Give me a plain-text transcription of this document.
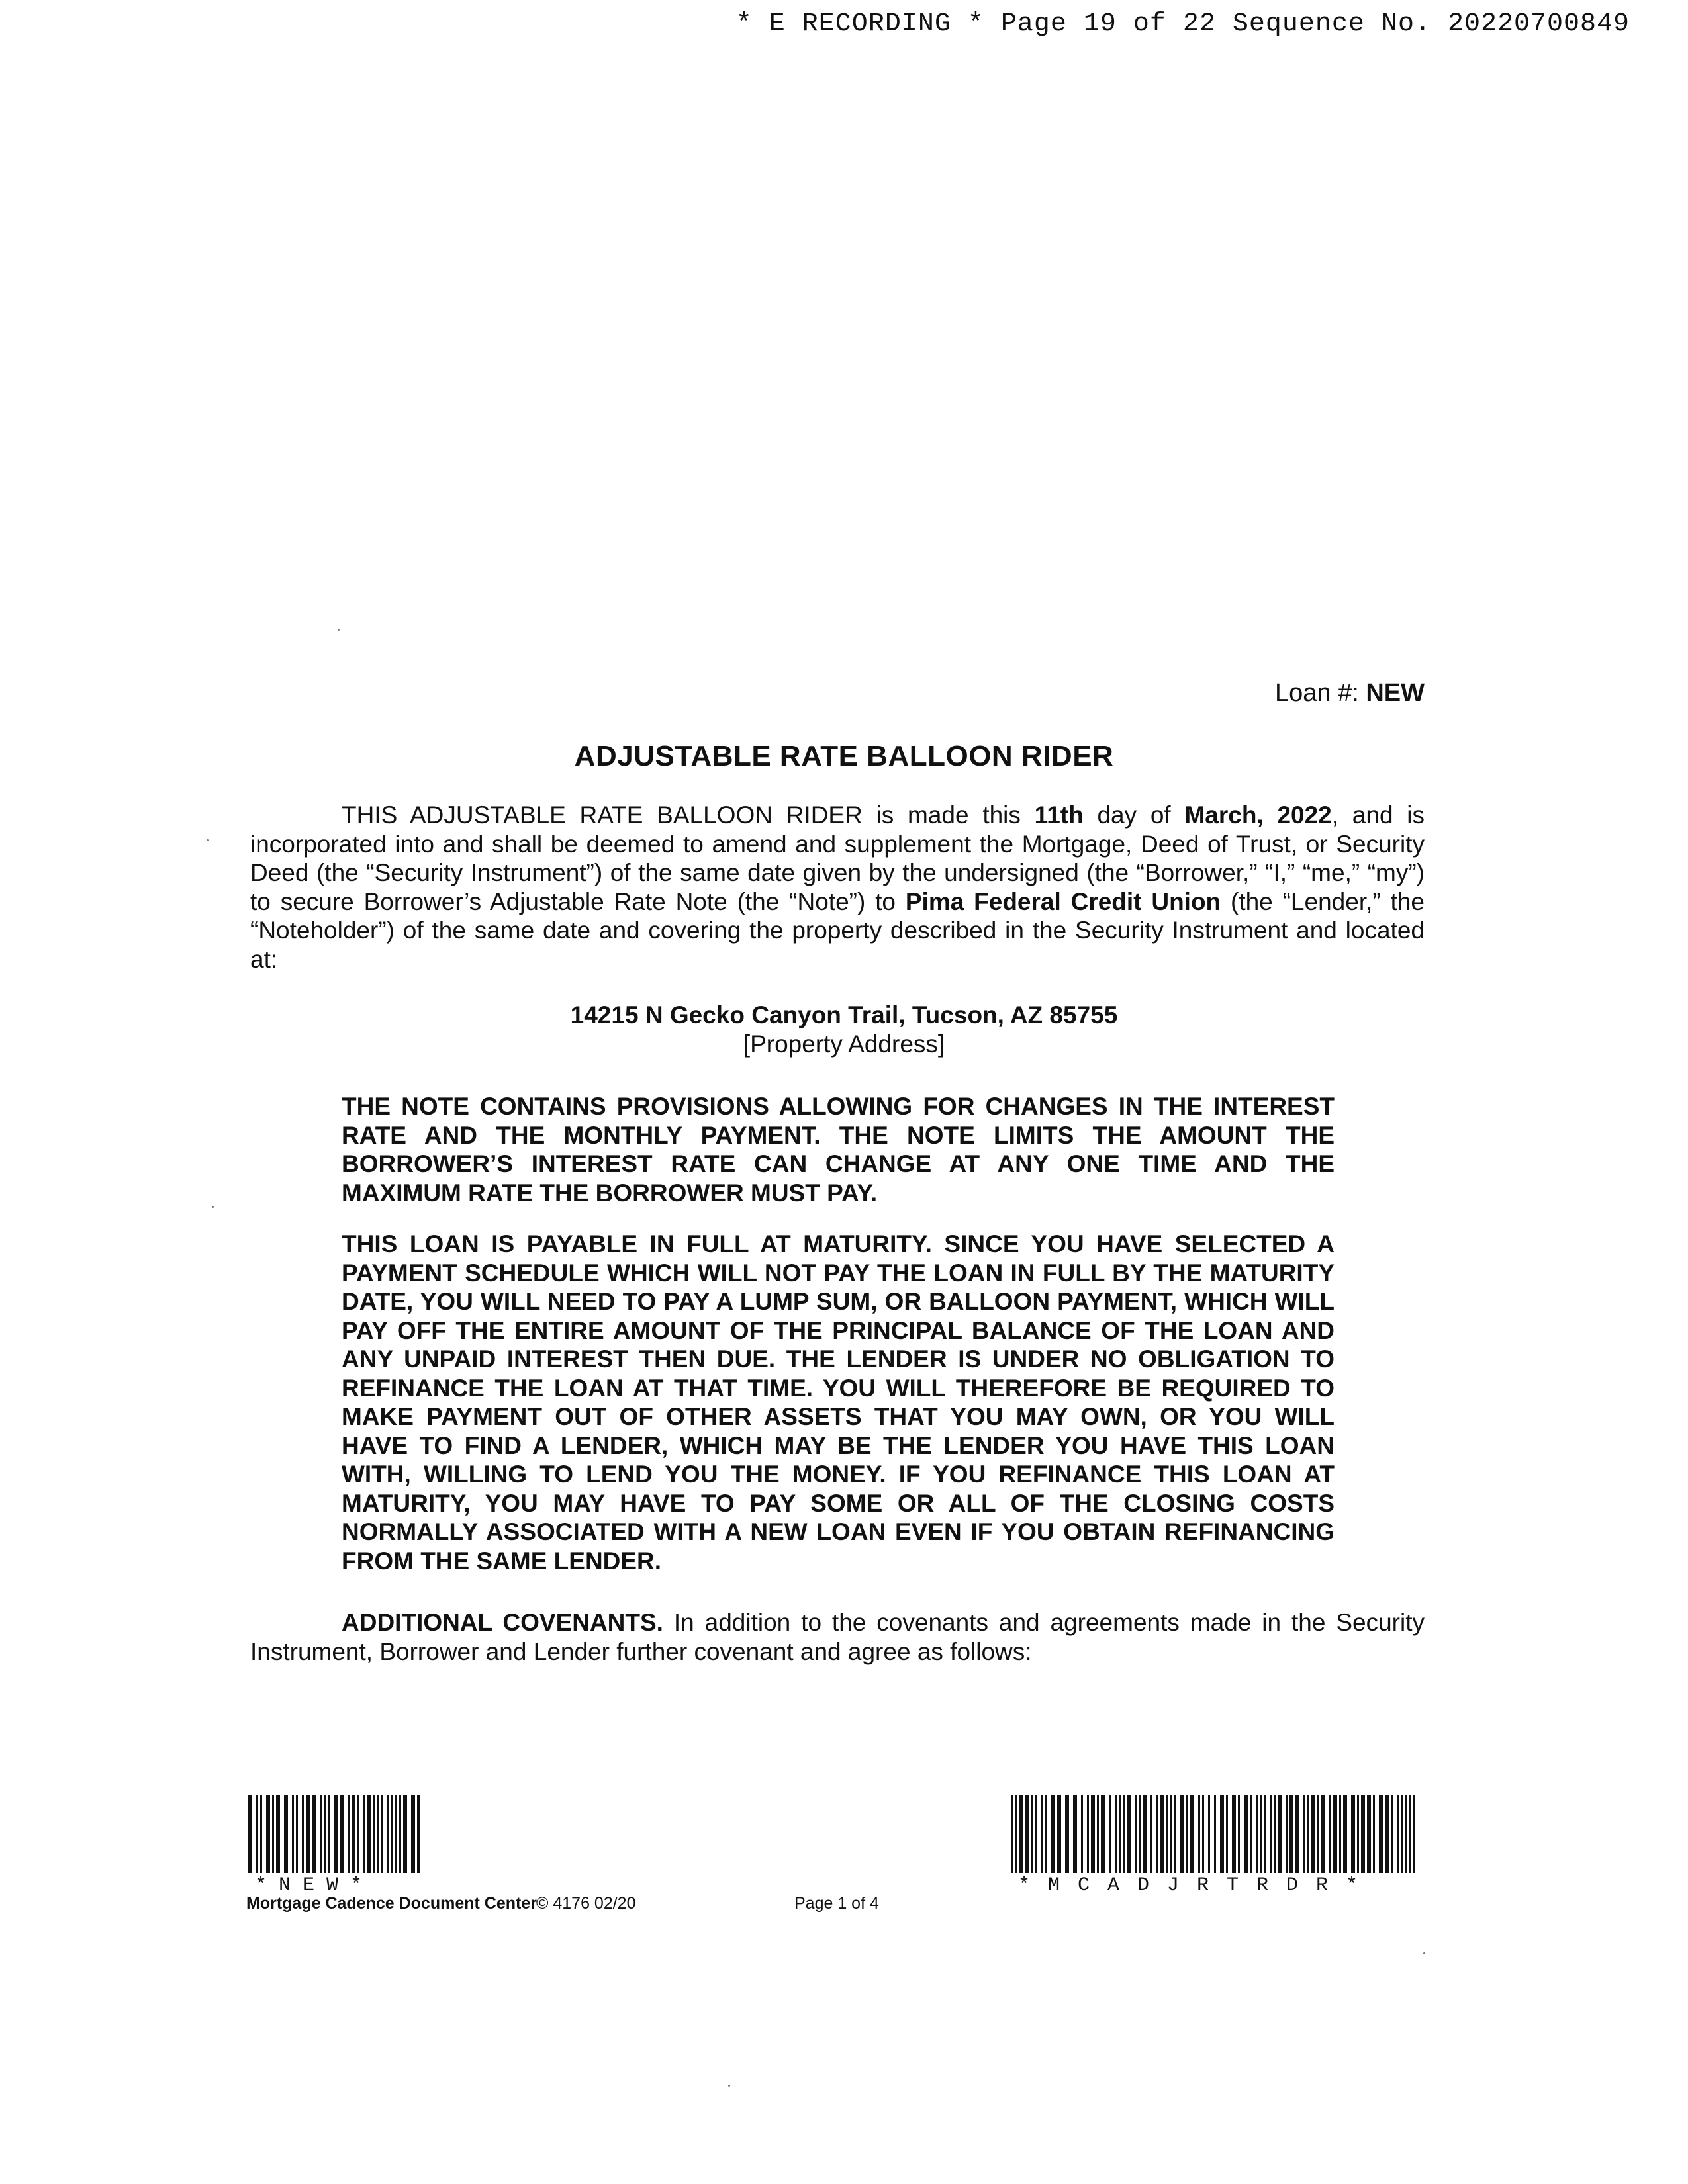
* E RECORDING * Page 19 of 22 Sequence No. 20220700849
Loan #: NEW
ADJUSTABLE RATE BALLOON RIDER

THIS ADJUSTABLE RATE BALLOON RIDER is made this 11th day of March, 2022, and is incorporated into and shall be deemed to amend and supplement the Mortgage, Deed of Trust, or Security Deed (the “Security Instrument”) of the same date given by the undersigned (the “Borrower,” “I,” “me,” “my”) to secure Borrower’s Adjustable Rate Note (the “Note”) to Pima Federal Credit Union (the “Lender,” the “Noteholder”) of the same date and covering the property described in the Security Instrument and located at:

14215 N Gecko Canyon Trail, Tucson, AZ 85755
[Property Address]
THE NOTE CONTAINS PROVISIONS ALLOWING FOR CHANGES IN THE INTEREST RATE AND THE MONTHLY PAYMENT. THE NOTE LIMITS THE AMOUNT THE BORROWER’S INTEREST RATE CAN CHANGE AT ANY ONE TIME AND THE MAXIMUM RATE THE BORROWER MUST PAY.
THIS LOAN IS PAYABLE IN FULL AT MATURITY. SINCE YOU HAVE SELECTED A PAYMENT SCHEDULE WHICH WILL NOT PAY THE LOAN IN FULL BY THE MATURITY DATE, YOU WILL NEED TO PAY A LUMP SUM, OR BALLOON PAYMENT, WHICH WILL PAY OFF THE ENTIRE AMOUNT OF THE PRINCIPAL BALANCE OF THE LOAN AND ANY UNPAID INTEREST THEN DUE. THE LENDER IS UNDER NO OBLIGATION TO REFINANCE THE LOAN AT THAT TIME. YOU WILL THEREFORE BE REQUIRED TO MAKE PAYMENT OUT OF OTHER ASSETS THAT YOU MAY OWN, OR YOU WILL HAVE TO FIND A LENDER, WHICH MAY BE THE LENDER YOU HAVE THIS LOAN WITH, WILLING TO LEND YOU THE MONEY. IF YOU REFINANCE THIS LOAN AT MATURITY, YOU MAY HAVE TO PAY SOME OR ALL OF THE CLOSING COSTS NORMALLY ASSOCIATED WITH A NEW LOAN EVEN IF YOU OBTAIN REFINANCING FROM THE SAME LENDER.

ADDITIONAL COVENANTS. In addition to the covenants and agreements made in the Security Instrument, Borrower and Lender further covenant and agree as follows:

*NEW*	*MCADJRTRDR*
Mortgage Cadence Document Center © 4176 02/20	Page 1 of 4
